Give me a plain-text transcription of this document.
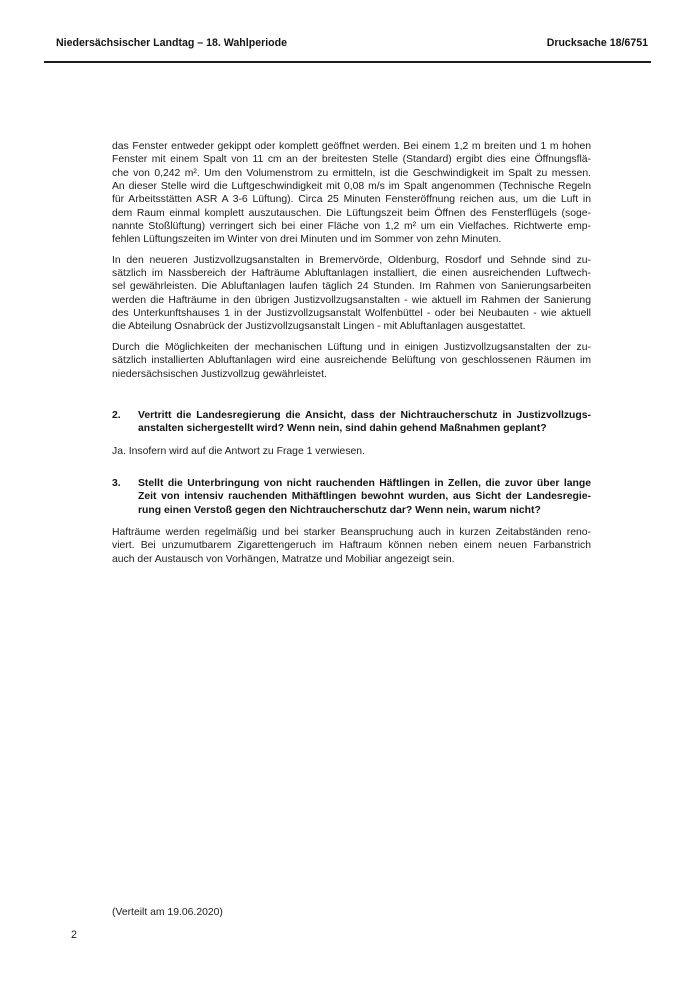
Niedersächsischer Landtag – 18. Wahlperiode	Drucksache 18/6751
das Fenster entweder gekippt oder komplett geöffnet werden. Bei einem 1,2 m breiten und 1 m hohen
Fenster mit einem Spalt von 11 cm an der breitesten Stelle (Standard) ergibt dies eine Öffnungsflä-
che von 0,242 m². Um den Volumenstrom zu ermitteln, ist die Geschwindigkeit im Spalt zu messen.
An dieser Stelle wird die Luftgeschwindigkeit mit 0,08 m/s im Spalt angenommen (Technische Regeln
für Arbeitsstätten ASR A 3-6 Lüftung). Circa 25 Minuten Fensteröffnung reichen aus, um die Luft in
dem Raum einmal komplett auszutauschen. Die Lüftungszeit beim Öffnen des Fensterflügels (soge-
nannte Stoßlüftung) verringert sich bei einer Fläche von 1,2 m² um ein Vielfaches. Richtwerte emp-
fehlen Lüftungszeiten im Winter von drei Minuten und im Sommer von zehn Minuten.
In den neueren Justizvollzugsanstalten in Bremervörde, Oldenburg, Rosdorf und Sehnde sind zu-
sätzlich im Nassbereich der Hafträume Abluftanlagen installiert, die einen ausreichenden Luftwech-
sel gewährleisten. Die Abluftanlagen laufen täglich 24 Stunden. Im Rahmen von Sanierungsarbeiten
werden die Hafträume in den übrigen Justizvollzugsanstalten - wie aktuell im Rahmen der Sanierung
des Unterkunftshauses 1 in der Justizvollzugsanstalt Wolfenbüttel - oder bei Neubauten - wie aktuell
die Abteilung Osnabrück der Justizvollzugsanstalt Lingen - mit Abluftanlagen ausgestattet.
Durch die Möglichkeiten der mechanischen Lüftung und in einigen Justizvollzugsanstalten der zu-
sätzlich installierten Abluftanlagen wird eine ausreichende Belüftung von geschlossenen Räumen im
niedersächsischen Justizvollzug gewährleistet.
2.	Vertritt die Landesregierung die Ansicht, dass der Nichtraucherschutz in Justizvollzugs-
anstalten sichergestellt wird? Wenn nein, sind dahin gehend Maßnahmen geplant?
Ja. Insofern wird auf die Antwort zu Frage 1 verwiesen.
3.	Stellt die Unterbringung von nicht rauchenden Häftlingen in Zellen, die zuvor über lange
Zeit von intensiv rauchenden Mithäftlingen bewohnt wurden, aus Sicht der Landesregie-
rung einen Verstoß gegen den Nichtraucherschutz dar? Wenn nein, warum nicht?
Hafträume werden regelmäßig und bei starker Beanspruchung auch in kurzen Zeitabständen reno-
viert. Bei unzumutbarem Zigarettengeruch im Haftraum können neben einem neuen Farbanstrich
auch der Austausch von Vorhängen, Matratze und Mobiliar angezeigt sein.
(Verteilt am 19.06.2020)
2
